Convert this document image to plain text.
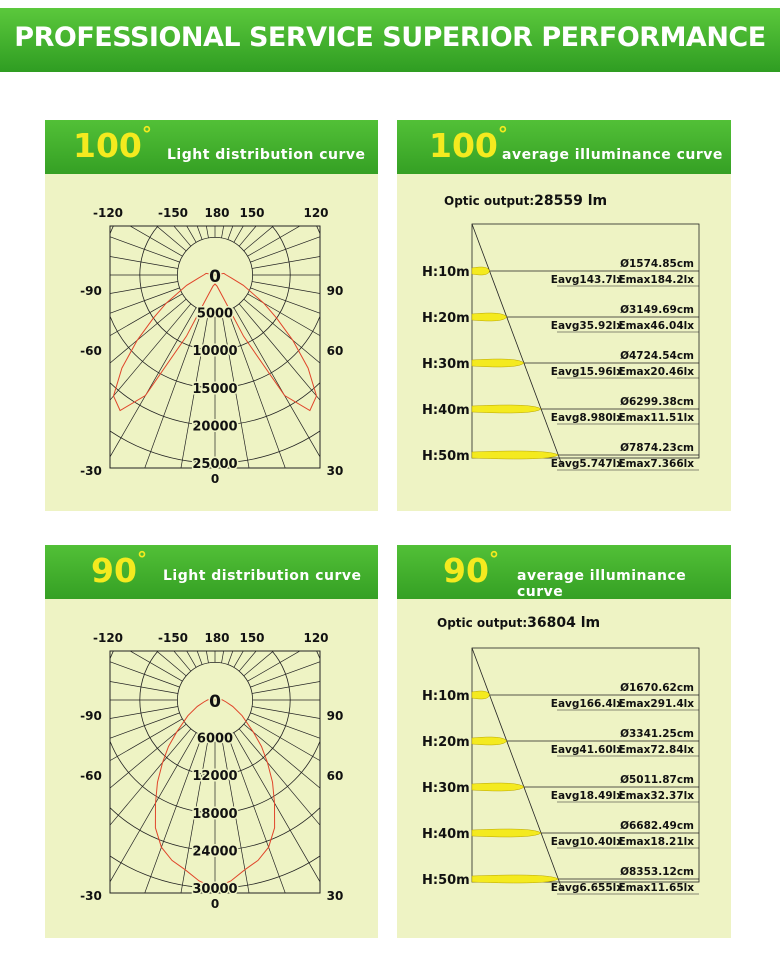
PROFESSIONAL SERVICE SUPERIOR PERFORMANCE
100°
Light distribution curve
0
5000
10000
15000
20000
25000
-120	-150 180 150	120
-90
-60
-30
90
60
30
0
100°
average illuminance curve
Optic output:28559 lm
H:10m
Ø1574.85cm
Eavg143.7lx
Emax184.2lx
H:20m
Ø3149.69cm
Eavg35.92lx
Emax46.04lx
H:30m
Ø4724.54cm
Eavg15.96lx
Emax20.46lx
H:40m
Ø6299.38cm
Eavg8.980lx
Emax11.51lx
H:50m
Ø7874.23cm
Eavg5.747lx
Emax7.366lx
90°
Light distribution curve
0
6000
12000
18000
24000
30000
-120	-150 180 150	120
-90
-60
-30
90
60
30
0
90°
average illuminance curve
Optic output:36804 lm
H:10m
Ø1670.62cm
Eavg166.4lx
Emax291.4lx
H:20m
Ø3341.25cm
Eavg41.60lx
Emax72.84lx
H:30m
Ø5011.87cm
Eavg18.49lx
Emax32.37lx
H:40m
Ø6682.49cm
Eavg10.40lx
Emax18.21lx
H:50m
Ø8353.12cm
Eavg6.655lx
Emax11.65lx
